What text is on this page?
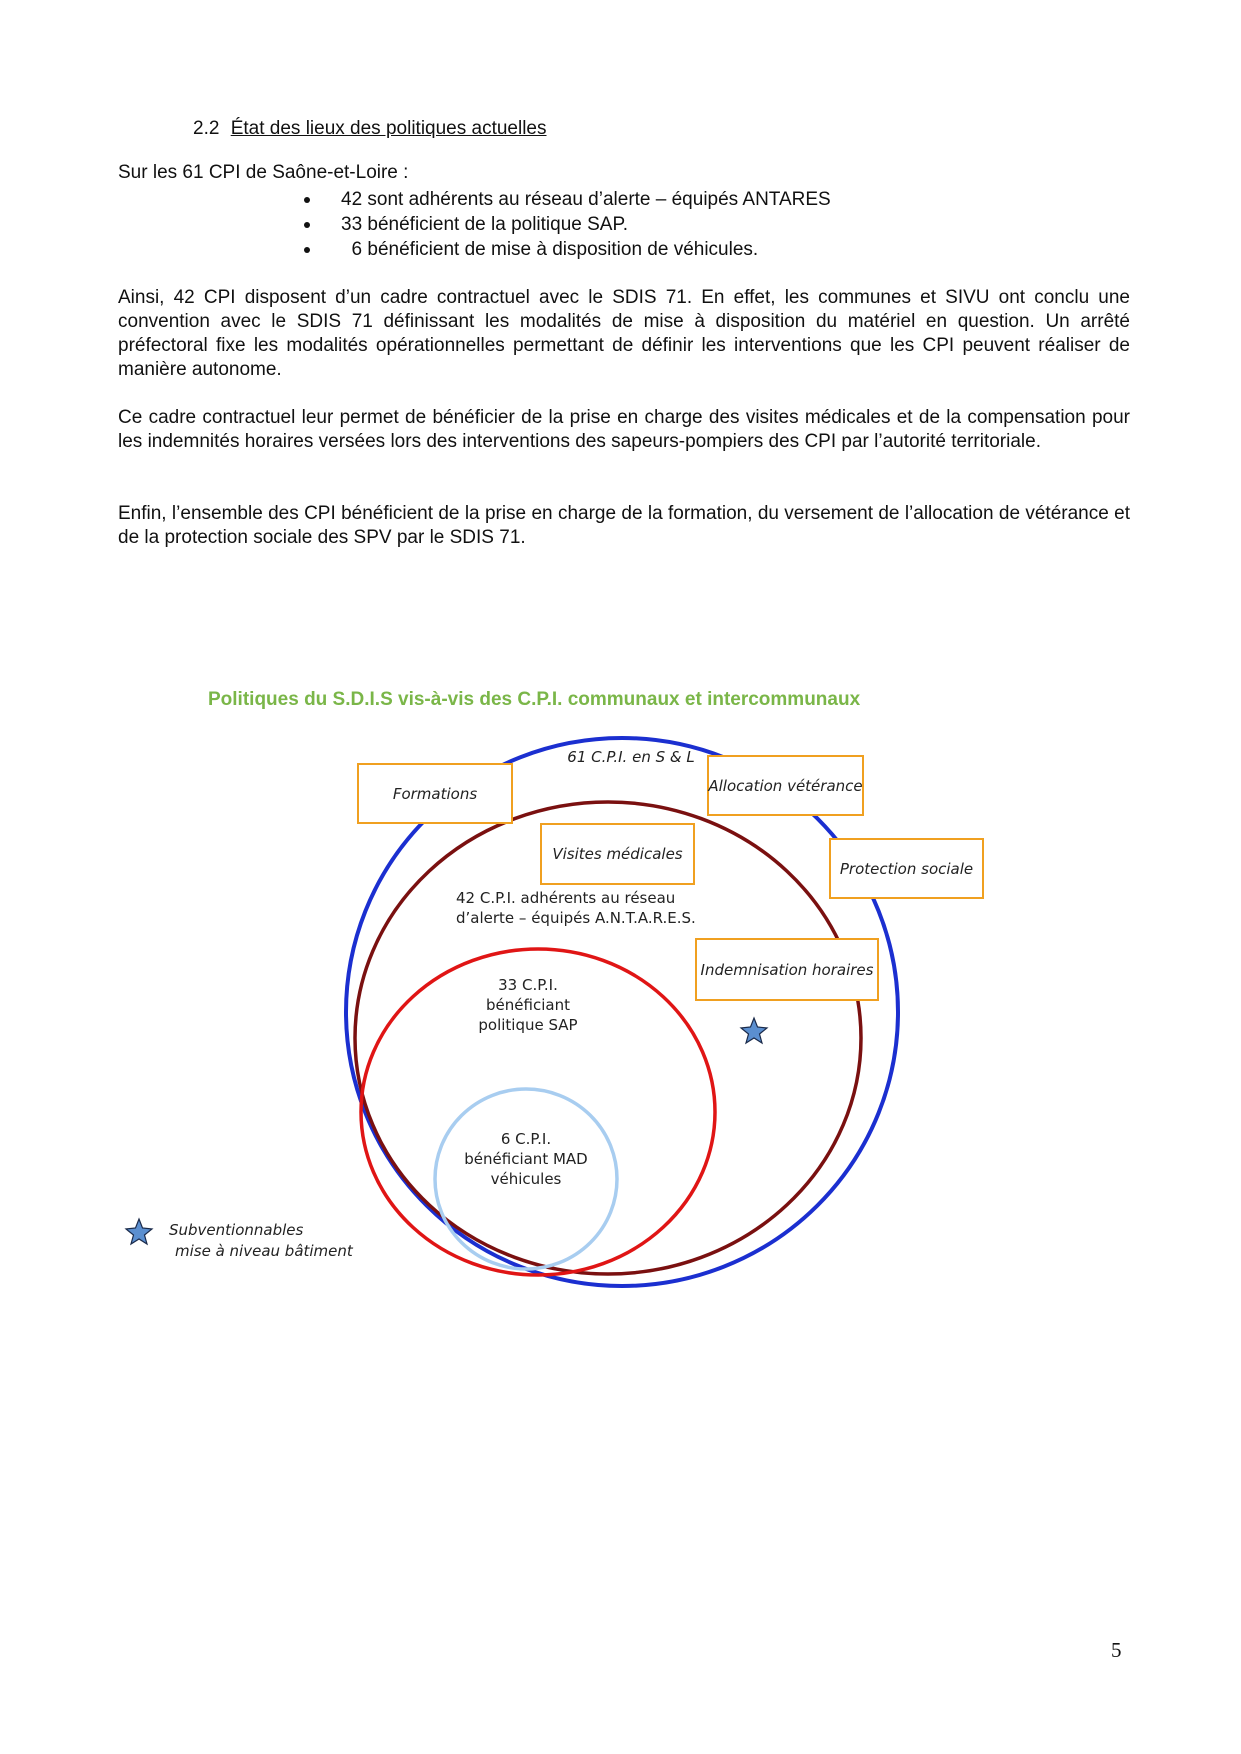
2.2 État des lieux des politiques actuelles
Sur les 61 CPI de Saône-et-Loire :
42 sont adhérents au réseau d’alerte – équipés ANTARES
33 bénéficient de la politique SAP.
6 bénéficient de mise à disposition de véhicules.

Ainsi, 42 CPI disposent d’un cadre contractuel avec le SDIS 71. En effet, les communes et SIVU ont conclu une convention avec le SDIS 71 définissant les modalités de mise à disposition du matériel en question. Un arrêté préfectoral fixe les modalités opérationnelles permettant de définir les interventions que les CPI peuvent réaliser de manière autonome.

Ce cadre contractuel leur permet de bénéficier de la prise en charge des visites médicales et de la compensation pour les indemnités horaires versées lors des interventions des sapeurs-pompiers des CPI par l’autorité territoriale.

Enfin, l’ensemble des CPI bénéficient de la prise en charge de la formation, du versement de l’allocation de vétérance et de la protection sociale des SPV par le SDIS 71.

Politiques du S.D.I.S vis-à-vis des C.P.I. communaux et intercommunaux
61 C.P.I. en S & L
42 C.P.I. adhérents au réseau
d’alerte – équipés A.N.T.A.R.E.S.
33 C.P.I.
bénéficiant
politique SAP
6 C.P.I.
bénéficiant MAD
véhicules
Formations	Allocation vétérance
Visites médicales
Protection sociale
Indemnisation horaires
Subventionnables
mise à niveau bâtiment
5
